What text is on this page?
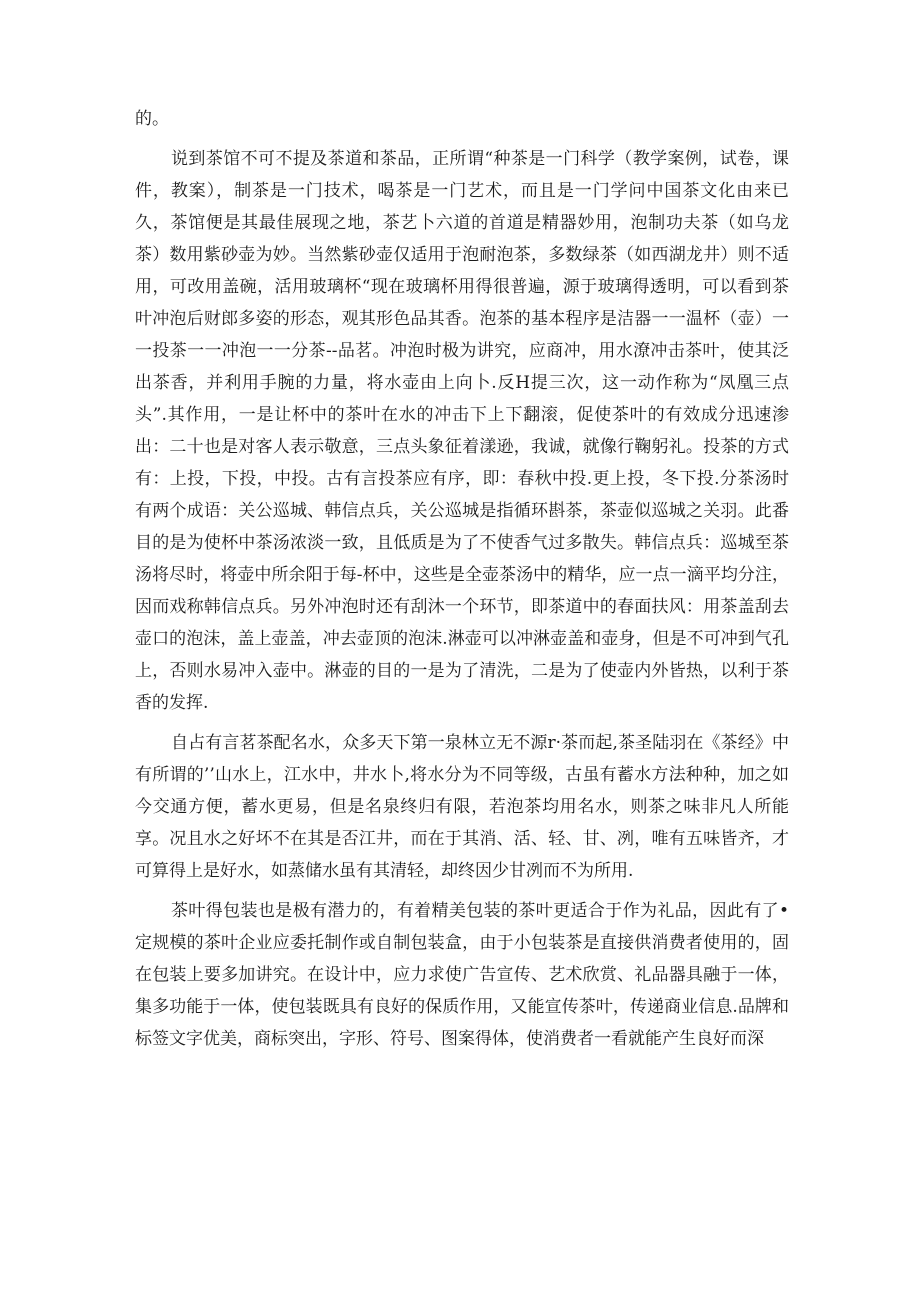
的。

说到茶馆不可不提及茶道和茶品，正所谓“种茶是一门科学（教学案例，试卷，课件，教案），制茶是一门技术，喝茶是一门艺术，而且是一门学问中国茶文化由来已久，茶馆便是其最佳展现之地，茶艺卜六道的首道是精器妙用，泡制功夫茶（如乌龙茶）数用紫砂壶为妙。当然紫砂壶仅适用于泡耐泡茶，多数绿茶（如西湖龙井）则不适用，可改用盖碗，活用玻璃杯“现在玻璃杯用得很普遍，源于玻璃得透明，可以看到茶叶冲泡后财郎多姿的形态，观其形色品其香。泡茶的基本程序是洁器一一温杯（壶）一一投茶一一冲泡一一分茶--品茗。冲泡时极为讲究，应商冲，用水潦冲击茶叶，使其泛出茶香，并利用手腕的力量，将水壶由上向卜.反H提三次，这一动作称为“凤凰三点头”.其作用，一是让杯中的茶叶在水的冲击下上下翻滚，促使茶叶的有效成分迅速渗出：二十也是对客人表示敬意，三点头象征着漾逊，我诚，就像行鞠躬礼。投茶的方式有：上投，下投，中投。古有言投茶应有序，即：春秋中投.更上投，冬下投.分茶汤时有两个成语：关公巡城、韩信点兵，关公巡城是指循环斟茶，茶壶似巡城之关羽。此番目的是为使杯中茶汤浓淡一致，且低质是为了不使香气过多散失。韩信点兵：巡城至茶汤将尽时，将壶中所余阳于每-杯中，这些是全壶茶汤中的精华，应一点一滴平均分注，因而戏称韩信点兵。另外冲泡时还有刮沐一个环节，即茶道中的春面扶风：用茶盖刮去壶口的泡沫，盖上壶盖，冲去壶顶的泡沫.淋壶可以冲淋壶盖和壶身，但是不可冲到气孔上，否则水易冲入壶中。淋壶的目的一是为了清洗，二是为了使壶内外皆热，以利于茶香的发挥.

自占有言茗茶配名水，众多天下第一泉林立无不源r·茶而起,茶圣陆羽在《茶经》中有所谓的’’山水上，江水中，井水卜,将水分为不同等级，古虽有蓄水方法种种，加之如今交通方便，蓄水更易，但是名泉终归有限，若泡茶均用名水，则茶之味非凡人所能享。况且水之好坏不在其是否江井，而在于其消、活、轻、甘、冽，唯有五味皆齐，才可算得上是好水，如蒸储水虽有其清轻，却终因少甘冽而不为所用.

茶叶得包装也是极有潜力的，有着精美包装的茶叶更适合于作为礼品，因此有了•定规模的茶叶企业应委托制作或自制包装盒，由于小包装茶是直接供消费者使用的，固在包装上要多加讲究。在设计中，应力求使广告宣传、艺术欣赏、礼品器具融于一体，集多功能于一体，使包装既具有良好的保质作用，又能宣传茶叶，传递商业信息.品牌和标签文字优美，商标突出，字形、符号、图案得体，使消费者一看就能产生良好而深
